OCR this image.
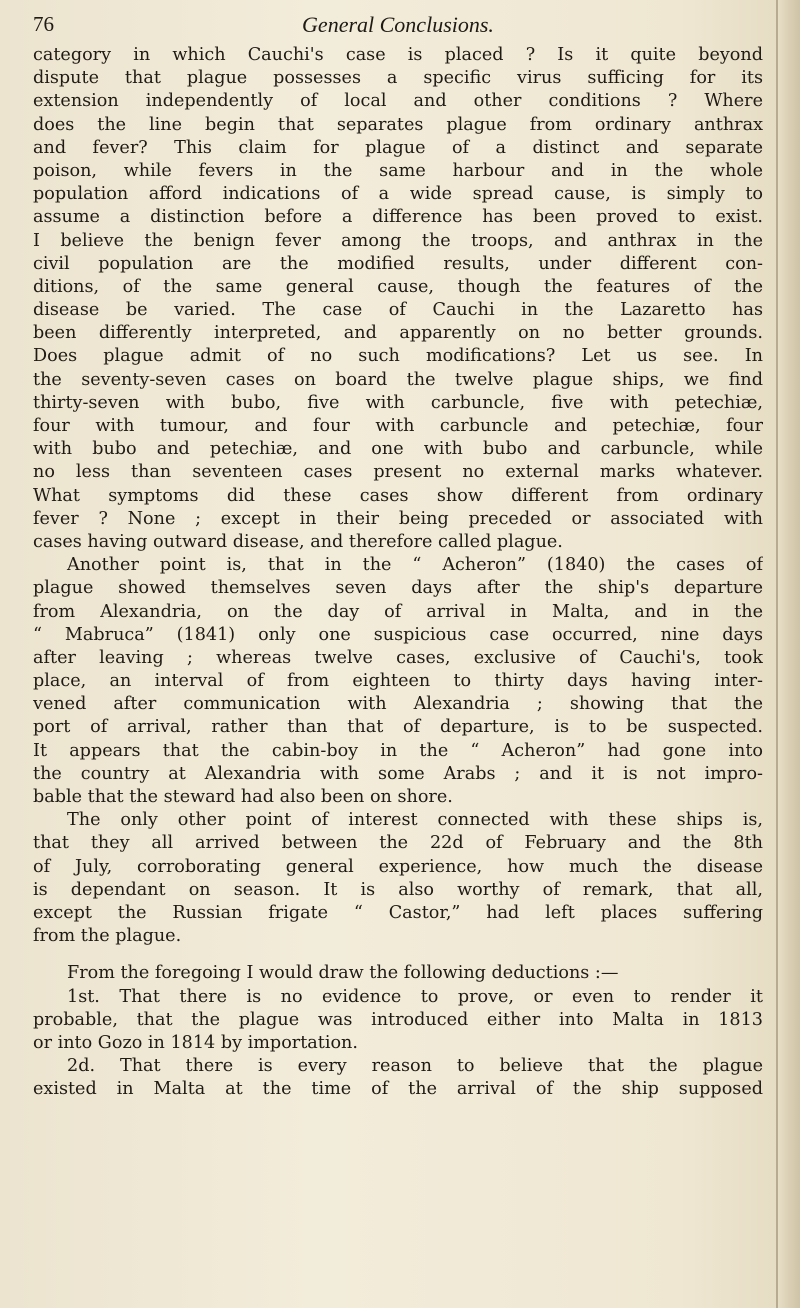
76	General Conclusions.
category in which Cauchi's case is placed ? Is it quite beyond
dispute that plague possesses a specific virus sufficing for its
extension independently of local and other conditions ? Where
does the line begin that separates plague from ordinary anthrax
and fever? This claim for plague of a distinct and separate
poison, while fevers in the same harbour and in the whole
population afford indications of a wide spread cause, is simply to
assume a distinction before a difference has been proved to exist.
I believe the benign fever among the troops, and anthrax in the
civil population are the modified results, under different con-
ditions, of the same general cause, though the features of the
disease be varied. The case of Cauchi in the Lazaretto has
been differently interpreted, and apparently on no better grounds.
Does plague admit of no such modifications? Let us see. In
the seventy-seven cases on board the twelve plague ships, we find
thirty-seven with bubo, five with carbuncle, five with petechiæ,
four with tumour, and four with carbuncle and petechiæ, four
with bubo and petechiæ, and one with bubo and carbuncle, while
no less than seventeen cases present no external marks whatever.
What symptoms did these cases show different from ordinary
fever ? None ; except in their being preceded or associated with
cases having outward disease, and therefore called plague.
Another point is, that in the “ Acheron” (1840) the cases of
plague showed themselves seven days after the ship's departure
from Alexandria, on the day of arrival in Malta, and in the
“ Mabruca” (1841) only one suspicious case occurred, nine days
after leaving ; whereas twelve cases, exclusive of Cauchi's, took
place, an interval of from eighteen to thirty days having inter-
vened after communication with Alexandria ; showing that the
port of arrival, rather than that of departure, is to be suspected.
It appears that the cabin-boy in the “ Acheron” had gone into
the country at Alexandria with some Arabs ; and it is not impro-
bable that the steward had also been on shore.
The only other point of interest connected with these ships is,
that they all arrived between the 22d of February and the 8th
of July, corroborating general experience, how much the disease
is dependant on season. It is also worthy of remark, that all,
except the Russian frigate “ Castor,” had left places suffering
from the plague.
From the foregoing I would draw the following deductions :—
1st. That there is no evidence to prove, or even to render it
probable, that the plague was introduced either into Malta in 1813
or into Gozo in 1814 by importation.
2d. That there is every reason to believe that the plague
existed in Malta at the time of the arrival of the ship supposed
